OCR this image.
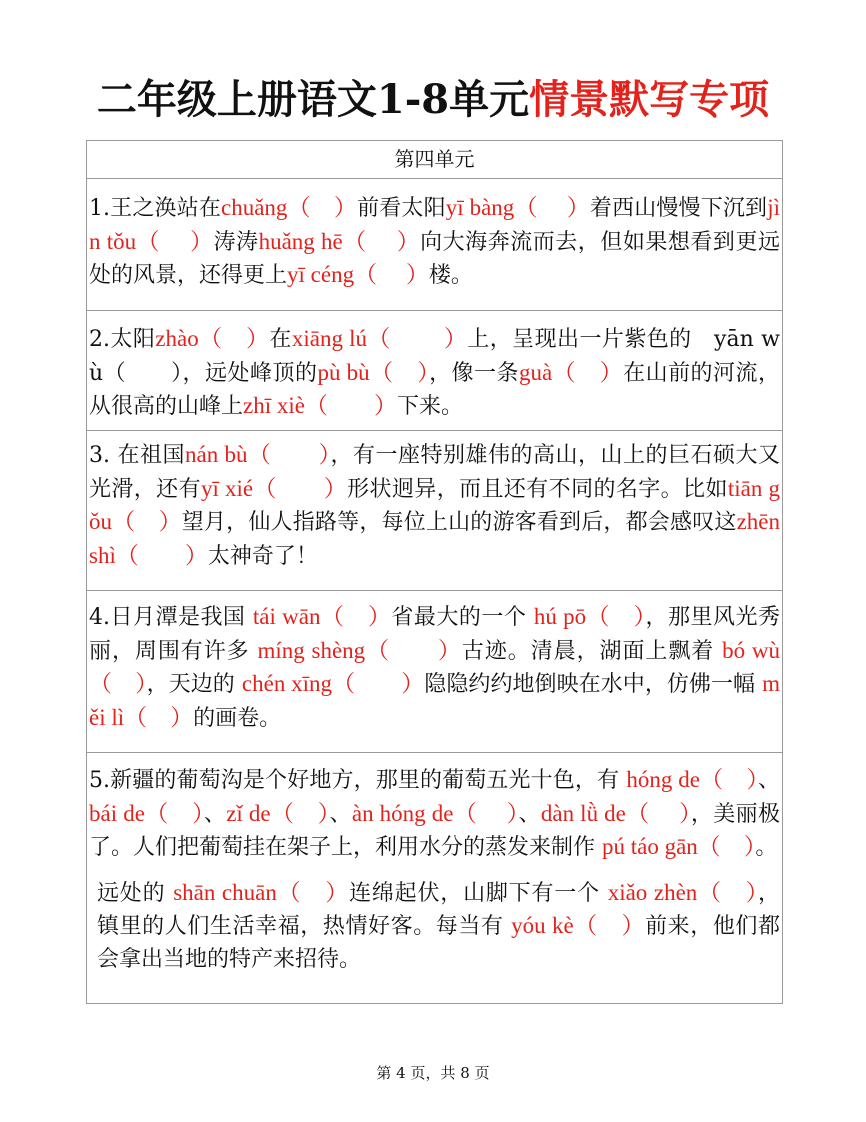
二年级上册语文1-8单元情景默写专项
第四单元

1.王之涣站在chuǎng（　）前看太阳yī bàng（　 ）着西山慢慢下沉到jìn tǒu（　 ）涛涛huǎng hē（　 ）向大海奔流而去，但如果想看到更远处的风景，还得更上yī céng（　 ）楼。

2.太阳zhào（　）在xiāng lú（　　 ）上，呈现出一片紫色的　yān wù（　　），远处峰顶的pù bù（　），像一条guà（　）在山前的河流，从很高的山峰上zhī xiè（　　）下来。

3. 在祖国nán bù（　　），有一座特别雄伟的高山，山上的巨石硕大又光滑，还有yī xié（　　）形状迥异，而且还有不同的名字。比如tiān gǒu（　）望月，仙人指路等，每位上山的游客看到后，都会感叹这zhēn shì（　　）太神奇了！

4.日月潭是我国 tái wān（　）省最大的一个 hú pō（　），那里风光秀丽，周围有许多 míng shèng（　　）古迹。清晨，湖面上飘着 bó wù（　），天边的 chén xīng（　　）隐隐约约地倒映在水中，仿佛一幅 měi lì（　）的画卷。

5.新疆的葡萄沟是个好地方，那里的葡萄五光十色，有 hóng de（　）、bái de（　）、zǐ de（　）、àn hóng de（　 ）、dàn lǜ de（　 ），美丽极了。人们把葡萄挂在架子上，利用水分的蒸发来制作 pú táo gān（　）。

远处的 shān chuān（　）连绵起伏，山脚下有一个 xiǎo zhèn（　），镇里的人们生活幸福，热情好客。每当有 yóu kè（　）前来，他们都会拿出当地的特产来招待。

第 4 页，共 8 页
